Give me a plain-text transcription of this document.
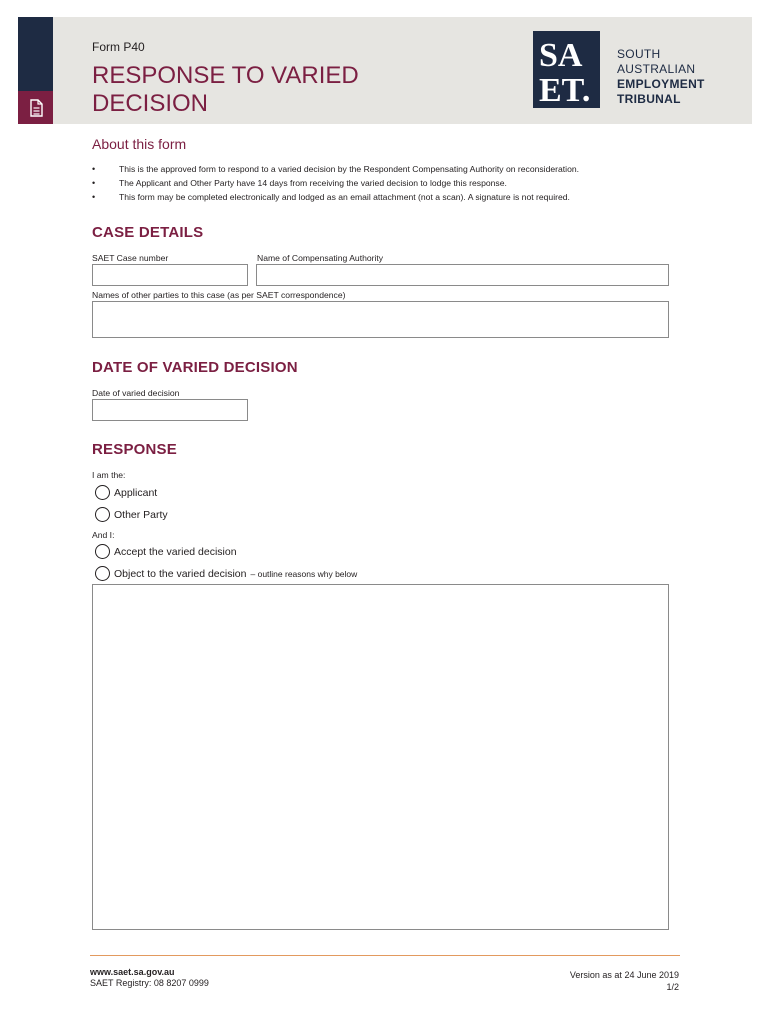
Form P40
RESPONSE TO VARIED DECISION
SA
ET.
SOUTH
AUSTRALIAN
EMPLOYMENT
TRIBUNAL
About this form
• This is the approved form to respond to a varied decision by the Respondent Compensating Authority on reconsideration.
• The Applicant and Other Party have 14 days from receiving the varied decision to lodge this response.
• This form may be completed electronically and lodged as an email attachment (not a scan). A signature is not required.
CASE DETAILS
SAET Case number	Name of Compensating Authority
Names of other parties to this case (as per SAET correspondence)
DATE OF VARIED DECISION
Date of varied decision
RESPONSE
I am the:
Applicant
Other Party
And I:
Accept the varied decision
Object to the varied decision – outline reasons why below
www.saet.sa.gov.au
SAET Registry: 08 8207 0999
Version as at 24 June 2019
1/2
